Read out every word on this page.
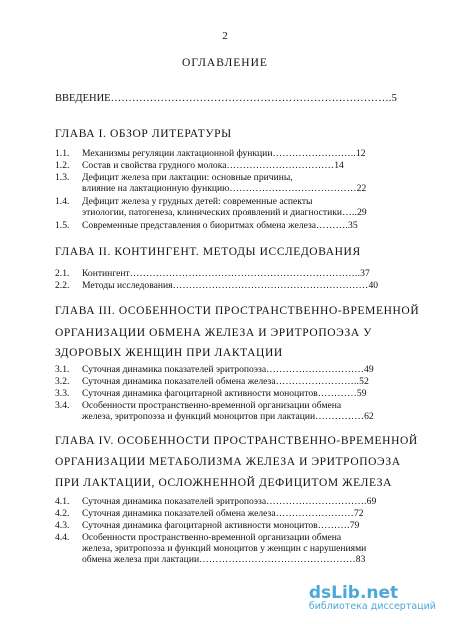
2
ОГЛАВЛЕНИЕ
ВВЕДЕНИЕ…………………………………………………………………….5
ГЛАВА I. ОБЗОР ЛИТЕРАТУРЫ
1.1. Механизмы регуляции лактационной функции……………………..12
1.2. Состав и свойства грудного молока……………………………14
1.3. Дефицит железа при лактации: основные причины,
влияние на лактационную функцию…………………………………22
1.4. Дефицит железа у грудных детей: современные аспекты
этиологии, патогенеза, клинических проявлений и диагностики…..29
1.5. Современные представления о биоритмах обмена железа……….35
ГЛАВА II. КОНТИНГЕНТ. МЕТОДЫ ИССЛЕДОВАНИЯ
2.1. Контингент……………………………………………………………..37
2.2. Методы исследования……………………………………………………40
ГЛАВА III. ОСОБЕННОСТИ ПРОСТРАНСТВЕННО-ВРЕМЕННОЙ
ОРГАНИЗАЦИИ ОБМЕНА ЖЕЛЕЗА И ЭРИТРОПОЭЗА У
ЗДОРОВЫХ ЖЕНЩИН ПРИ ЛАКТАЦИИ
3.1. Суточная динамика показателей эритропоэза…………………………49
3.2. Суточная динамика показателей обмена железа……………………..52
3.3. Суточная динамика фагоцитарной активности моноцитов…………59
3.4. Особенности пространственно-временной организации обмена
железа, эритропоэза и функций моноцитов при лактации……………62
ГЛАВА IV. ОСОБЕННОСТИ ПРОСТРАНСТВЕННО-ВРЕМЕННОЙ
ОРГАНИЗАЦИИ МЕТАБОЛИЗМА ЖЕЛЕЗА И ЭРИТРОПОЭЗА
ПРИ ЛАКТАЦИИ, ОСЛОЖНЕННОЙ ДЕФИЦИТОМ ЖЕЛЕЗА
4.1. Суточная динамика показателей эритропоэза………………………….69
4.2. Суточная динамика показателей обмена железа……………………72
4.3. Суточная динамика фагоцитарной активности моноцитов……….79
4.4. Особенности пространственно-временной организации обмена
железа, эритропоэза и функций моноцитов у женщин с нарушениями
обмена железа при лактации…………………………………………83
dsLib.net
библиотека диссертаций
